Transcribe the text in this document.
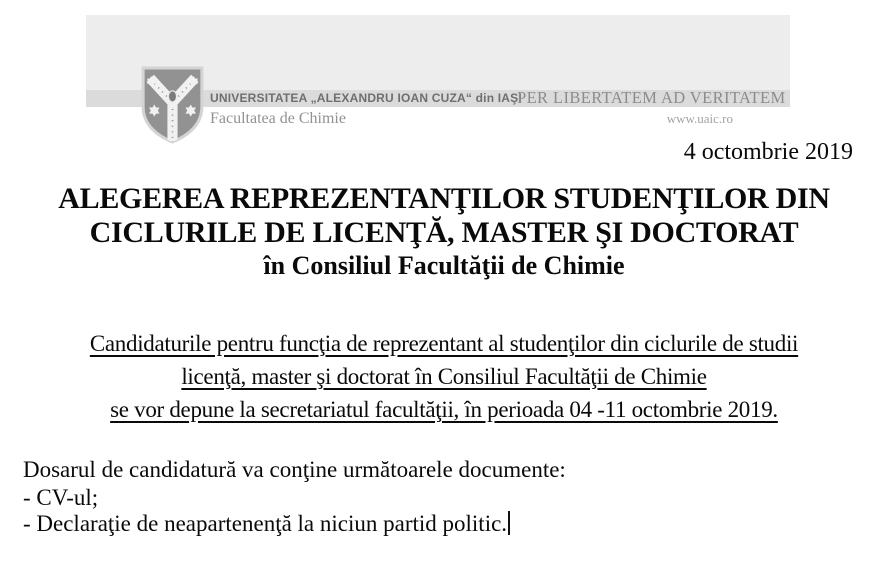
UNIVERSITATEA „ALEXANDRU IOAN CUZA“ din IAŞI
PER LIBERTATEM AD VERITATEM
Facultatea de Chimie	www.uaic.ro
4 octombrie 2019
ALEGEREA REPREZENTANŢILOR STUDENŢILOR DIN
CICLURILE DE LICENŢĂ, MASTER ŞI DOCTORAT
în Consiliul Facultăţii de Chimie
Candidaturile pentru funcţia de reprezentant al studenţilor din ciclurile de studii
licenţă, master şi doctorat în Consiliul Facultăţii de Chimie
se vor depune la secretariatul facultăţii, în perioada 04 -11 octombrie 2019.
Dosarul de candidatură va conţine următoarele documente:
- CV-ul;
- Declaraţie de neapartenenţă la niciun partid politic.
